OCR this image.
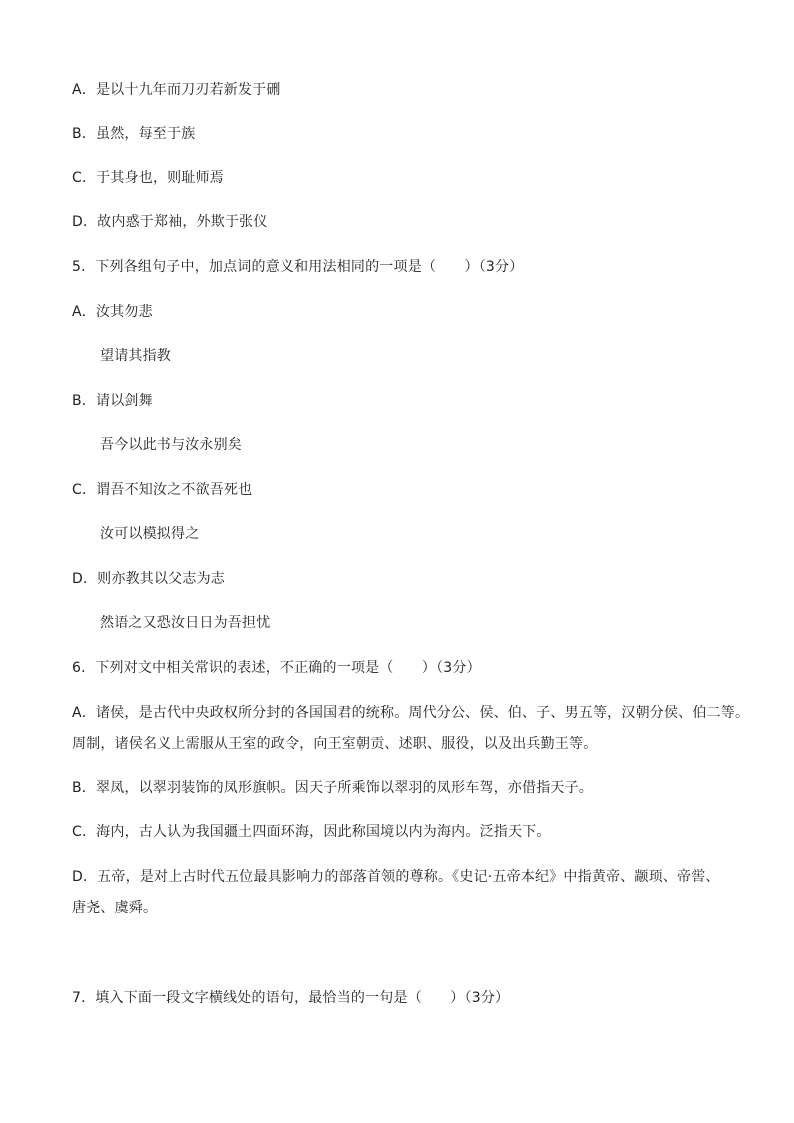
A．是以十九年而刀刃若新发于硎
B．虽然，每至于族
C．于其身也，则耻师焉
D．故内惑于郑袖，外欺于张仪
5．下列各组句子中，加点词的意义和用法相同的一项是（　　）（3分）
A．汝其勿悲
望请其指教
B．请以剑舞
吾今以此书与汝永别矣
C．谓吾不知汝之不欲吾死也
汝可以模拟得之
D．则亦教其以父志为志
然语之又恐汝日日为吾担忧
6．下列对文中相关常识的表述，不正确的一项是（　　）（3分）
A．诸侯，是古代中央政权所分封的各国国君的统称。周代分公、侯、伯、子、男五等，汉朝分侯、伯二等。
周制，诸侯名义上需服从王室的政令，向王室朝贡、述职、服役，以及出兵勤王等。
B．翠凤，以翠羽装饰的凤形旗帜。因天子所乘饰以翠羽的凤形车驾，亦借指天子。
C．海内，古人认为我国疆土四面环海，因此称国境以内为海内。泛指天下。
D．五帝，是对上古时代五位最具影响力的部落首领的尊称。《史记·五帝本纪》中指黄帝、颛顼、帝喾、
唐尧、虞舜。
7．填入下面一段文字横线处的语句，最恰当的一句是（　　）（3分）
